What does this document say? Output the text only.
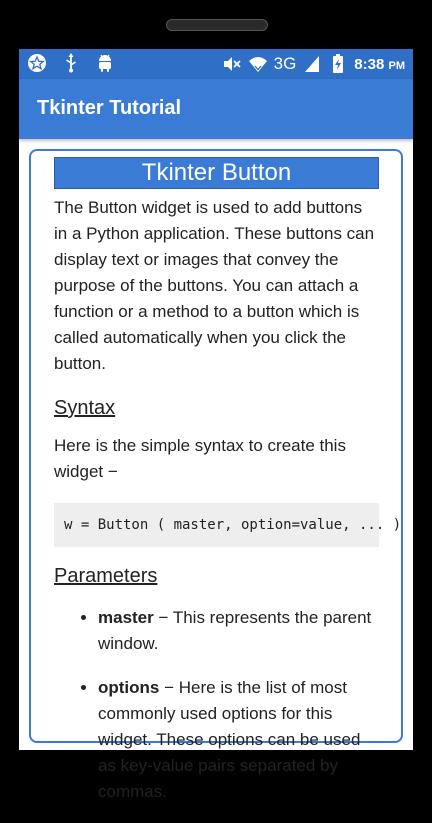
3G	8:38 PM
Tkinter Tutorial
Tkinter Button

The Button widget is used to add buttons in a Python application. These buttons can display text or images that convey the purpose of the buttons. You can attach a function or a method to a button which is called automatically when you click the button.

Syntax

Here is the simple syntax to create this widget −

w = Button ( master, option=value, ... )
Parameters
• master − This represents the parent window.
• options − Here is the list of most commonly used options for this widget. These options can be used as key-value pairs separated by commas.
